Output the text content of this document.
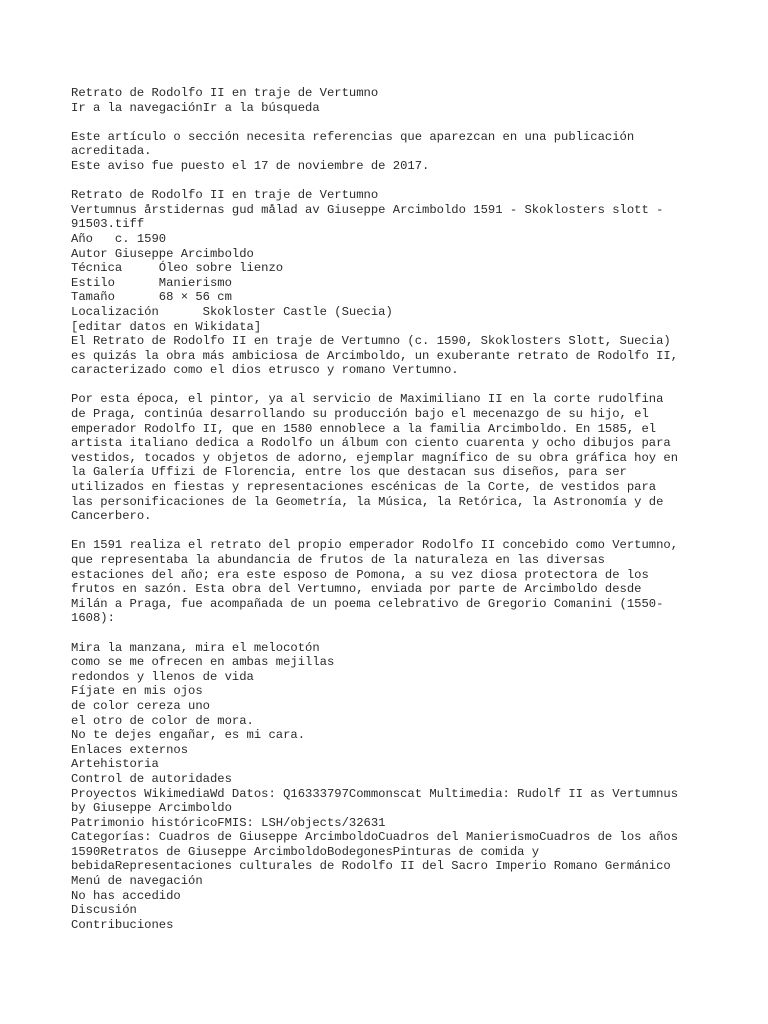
Retrato de Rodolfo II en traje de Vertumno
Ir a la navegaciónIr a la búsqueda
Este artículo o sección necesita referencias que aparezcan en una publicación
acreditada.
Este aviso fue puesto el 17 de noviembre de 2017.
Retrato de Rodolfo II en traje de Vertumno
Vertumnus årstidernas gud målad av Giuseppe Arcimboldo 1591 - Skoklosters slott -
91503.tiff
Año   c. 1590
Autor Giuseppe Arcimboldo
Técnica     Óleo sobre lienzo
Estilo      Manierismo
Tamaño      68 × 56 cm
Localización      Skokloster Castle (Suecia)
[editar datos en Wikidata]
El Retrato de Rodolfo II en traje de Vertumno (c. 1590, Skoklosters Slott, Suecia)
es quizás la obra más ambiciosa de Arcimboldo, un exuberante retrato de Rodolfo II,
caracterizado como el dios etrusco y romano Vertumno.
Por esta época, el pintor, ya al servicio de Maximiliano II en la corte rudolfina
de Praga, continúa desarrollando su producción bajo el mecenazgo de su hijo, el
emperador Rodolfo II, que en 1580 ennoblece a la familia Arcimboldo. En 1585, el
artista italiano dedica a Rodolfo un álbum con ciento cuarenta y ocho dibujos para
vestidos, tocados y objetos de adorno, ejemplar magnífico de su obra gráfica hoy en
la Galería Uffizi de Florencia, entre los que destacan sus diseños, para ser
utilizados en fiestas y representaciones escénicas de la Corte, de vestidos para
las personificaciones de la Geometría, la Música, la Retórica, la Astronomía y de
Cancerbero.
En 1591 realiza el retrato del propio emperador Rodolfo II concebido como Vertumno,
que representaba la abundancia de frutos de la naturaleza en las diversas
estaciones del año; era este esposo de Pomona, a su vez diosa protectora de los
frutos en sazón. Esta obra del Vertumno, enviada por parte de Arcimboldo desde
Milán a Praga, fue acompañada de un poema celebrativo de Gregorio Comanini (1550-
1608):
Mira la manzana, mira el melocotón
como se me ofrecen en ambas mejillas
redondos y llenos de vida
Fíjate en mis ojos
de color cereza uno
el otro de color de mora.
No te dejes engañar, es mi cara.
Enlaces externos
Artehistoria
Control de autoridades
Proyectos WikimediaWd Datos: Q16333797Commonscat Multimedia: Rudolf II as Vertumnus
by Giuseppe Arcimboldo
Patrimonio históricoFMIS: LSH/objects/32631
Categorías: Cuadros de Giuseppe ArcimboldoCuadros del ManierismoCuadros de los años
1590Retratos de Giuseppe ArcimboldoBodegonesPinturas de comida y
bebidaRepresentaciones culturales de Rodolfo II del Sacro Imperio Romano Germánico
Menú de navegación
No has accedido
Discusión
Contribuciones
